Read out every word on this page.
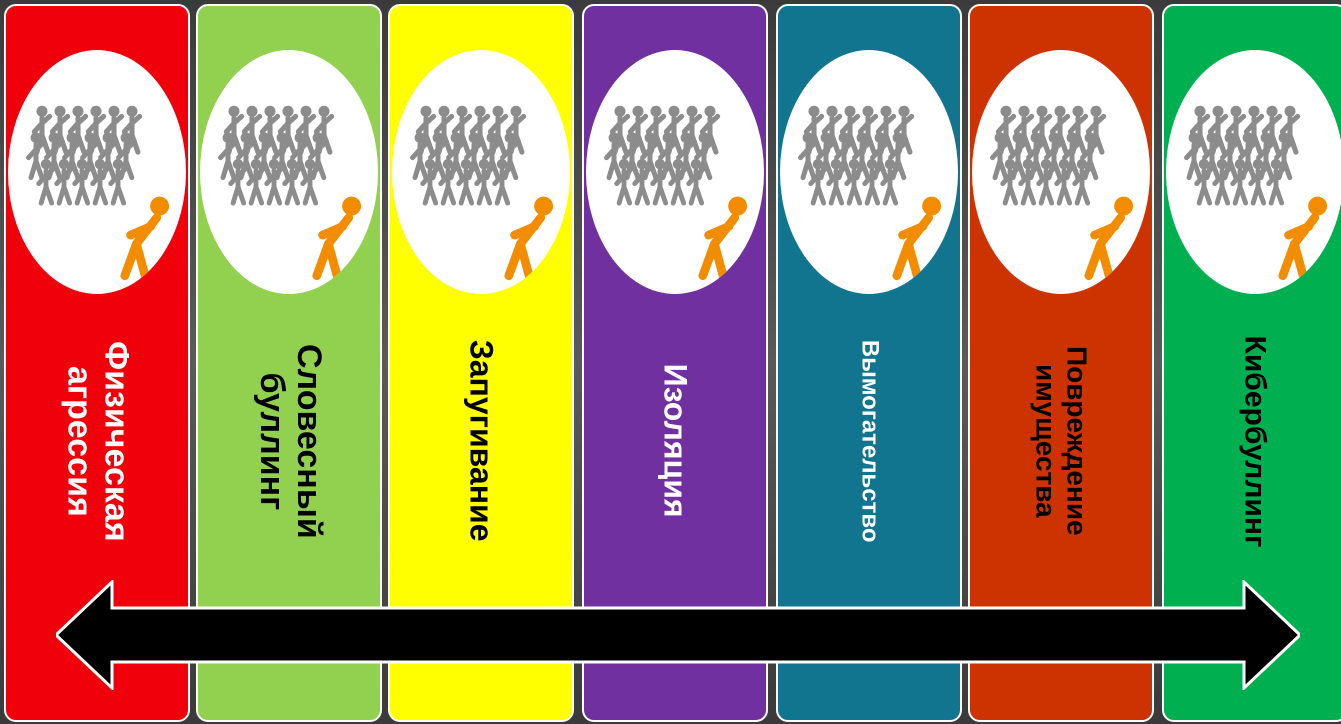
Физическая
агрессия	Словесный
буллинг	Запугивание	Изоляция	Вымогательство	Повреждение
имущества	Кибербуллинг
